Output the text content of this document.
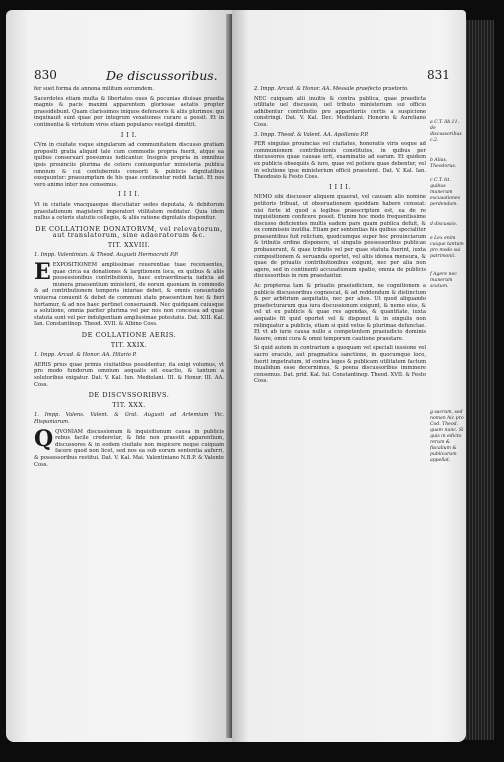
830	De discussoribus.

fer suet forma de annona militum eorumdem.

Sacerdotes etiam multa & libertates oues & pecunias diuisae praedia magnis & pacis maximi apparentem gloriosae aetatis propter praesidebunt. Quam clarissimos iniquos defensoris & aliis plurimos: qui inquinauit sunt quae per integrum vexationes curare a possit. Et in continentia & virtutem viros etiam populares vestigii dimittit.

I I I.

CVm in ciuitate vsque singularum ad communitatem discusso gratiam propositi gratia aliquid tale cum commodis propria fuerit, atque ea quibus conseruari possumus iudicantur. Insignis propria in omnibus ipsis prouinciis plurima de cetero coniunguntur ministeria publica omnium & cui contuberniis consorti & publicis dignitatibus exequuntur: praesumptum de his quae continentur reddi faciat. Et nos vero animo inter nos censemus.

I I I I.

Vt in ciuitate vnacquaeque discutiatur sedes deputata, & debitorum praestationum magisterii imperatori vtilitatem reddatur. Quia idem nullus a ceteris statutis collegiis, & aliis ratione dignitatis disponitur.

DE COLLATIONE DONATORVM, vel relevatorum, aut translatorum, sine adaeratorum &c.
TIT. XXVIII.

1. Impp. Valentinian. & Theod. Augusti Hermocrati P.P.

EEXPOSITIONEM amplissimae reuerentiae tuae recensentes, quae circa ea donationes & largitionem loca, ex quibus & aliis possessionibus contributionis, haec extraordinaria iudicia ad munera praesentium ministerii, de eorum quoniam in commodo & ad contributionem temporis iniuriae debet, & omnis consuetudo vniuersa conuenit & debet de communi statu praesentium hoc & fieri hortamur, & ad nos haec pertinet conseruandi. Nec quidquam cuiusque a solutione, omnia pariter plurima vel per nos non concessa ad quae statuta sunt vel per indulgentiam amplissimae potestatis. Dat. XIII. Kal. Ian. Constantinop. Theod. XVII. & Albino Coss.

DE COLLATIONE AERIS.
TIT. XXIX.

1. Impp. Arcad. & Honor. AA. Hilario P.

AERIS prius quae primis ciuitatibus possidentur, ita exigi volumus, vt pro modo fundorum omnium aequalis sit exactio, & tantum a solutoribus exigatur. Dat. V. Kal. Iun. Mediolani. III. & Honor. III. AA. Coss.

DE DISCVSSORIBVS.
TIT. XXX.

1. Impp. Valens. Valent. & Grat. Augusti ad Artemium Vic. Hispaniarum.

QQVONIAM discussionum & inquisitionum causa in publicis rebus facile crederetur, & fide non praestit apparentium, discussores & in eodem ciuitate non inspicere neque cuiquam facere quod non licet, sed nos ea sub eorum sententia auferri, & possessoribus restitui. Dat. V. Kal. Mai. Valentiniano N.B.P. & Valente Coss.

831

2. Impp. Arcad. & Honor. AA. Messale praefecto praetorio.

NEC cuiquam alii inuitis & contra publica, quae praedicta utilitate uel discussio, uel tributo ministerium sui officio adhibentur contributio pro apparitoriis certis a suspicione constringi. Dat. V. Kal. Dec. Mediolani. Honorio & Aureliano Coss.

3. Impp. Theod. & Valent. AA. Apollonio P.P.

PER singulas prouincias vel ciuitates, honoratis viris eoque ad communionem contributionis constitutos, in quibus per discussores quae causae erit, examinatio ad earum. Et quidem ex publicis obsequiis & iure, quae vel potiora quae debentur, vel in solutione ipse ministerium officii praestent. Dat. V. Kal. Ian. Theodosio & Festo Coss.

I I I I.

NEMO sibi discussor aliquem quaerat, vel causam alio nomine petitoris tribuat, ut obseruationem quoddam habere censeat: nisi forte id quod a legibus praescriptum est, ea de re inquisitionem conficere possit. Etenim hoc modo frequentissime discusso deficientes multis eadem pars quam publica defuit, & ex commissio inutilia. Etiam per sententias his quibus specialiter praesentibus fuit relictum, quodcumque super hoc prouinciarum & tributis ordine disponere, ut singulis possessoribus publicae probauerunt, & quae tributis vel per quae statuta fuerint, iuxta compositionem & seruanda oportet, vel aliis idonea mensura, & quae de priuatis contributionibus exigunt, nec per alia non agere, sed in continenti accusationum spatio, omnia de publicis discussoribus in rem praestantur.

Ac propterea tam & priuatis praeiudicium, ne cognitionem a publicis discussoribus cognoscat, & ad reddendum & distinctum & per arbitrium aequitatis, nec per alios. Ut quod aliquando praefecturarum qua iura discussionum exigunt, & nemo eius, & vel ut ex publicis & quae res agendas, & quantitate, iuxta aequalis fit quid oportet vel & disponet & in singulis non relinquatur a publicis, etiam si quid vetus & plurimae defunctae. Et vt ab iuris causa nullo a competentem praeiudicio dominis fauere, omni cura & omni temporum cautione praestare.

Si quid autem in contrarium a quoquam vel speciali iussione vel sacro oraculo, aut pragmatica sanctione, in quocumque loco, fuerit impetratum, id contra leges & publicam utilitatem factum inualidum esse decernimus, & poena discussoribus imminere censemus. Dat. prid. Kal. Iul. Constantinop. Theod. XVII. & Festo Coss.

a C.T. lib.11. de discussoribus c.2.
b Alias, Theodorus.
c C.T. tit. quibus munerum excusationes perdendam.
d discussio.
e Lex enim cuique tantum pro modo sui patrimonii.
f Agere nec munerum scutum.
g sacrum, sed nomen hic pro Cod. Theod. quam nunc. Si quis in edicto rerum & fiscalium & publicarum appellat.
